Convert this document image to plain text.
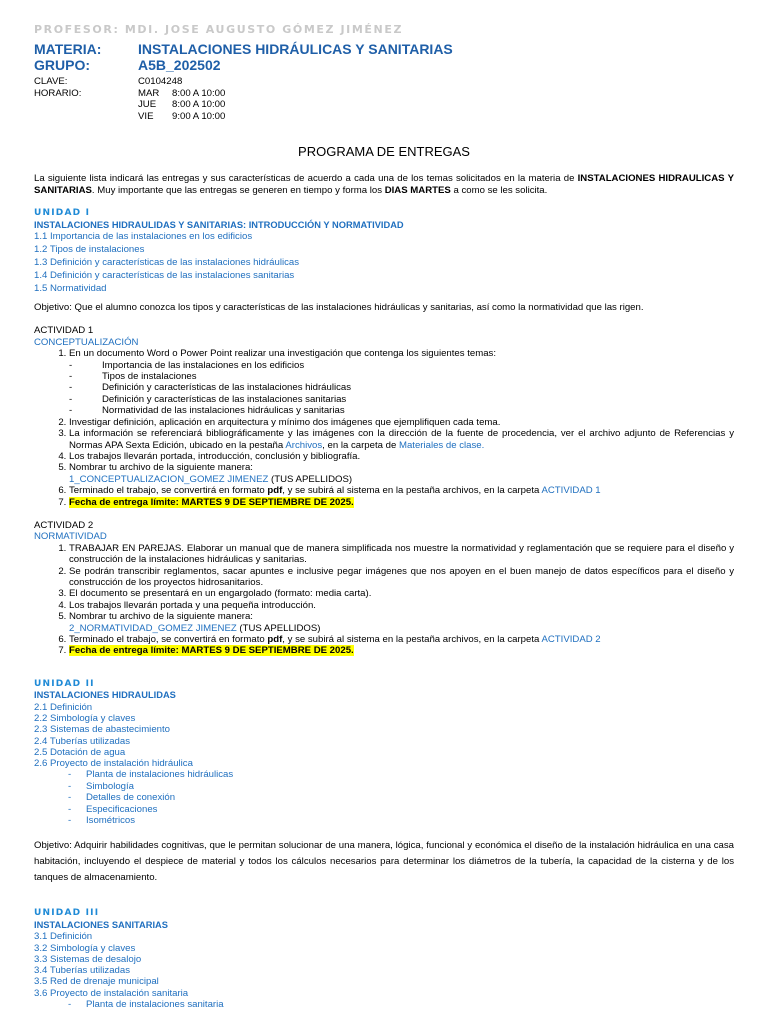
PROFESOR: MDI. JOSE AUGUSTO GÓMEZ JIMÉNEZ
MATERIA:	INSTALACIONES HIDRÁULICAS Y SANITARIAS
GRUPO:	A5B_202502
CLAVE:	C0104248
HORARIO:	MAR	8:00 A 10:00
JUE	8:00 A 10:00
VIE	9:00 A 10:00
PROGRAMA DE ENTREGAS

La siguiente lista indicará las entregas y sus características de acuerdo a cada una de los temas solicitados en la materia de INSTALACIONES HIDRAULICAS Y SANITARIAS. Muy importante que las entregas se generen en tiempo y forma los DIAS MARTES a como se les solicita.

UNIDAD I
INSTALACIONES HIDRAULIDAS Y SANITARIAS: INTRODUCCIÓN Y NORMATIVIDAD
1.1 Importancia de las instalaciones en los edificios
1.2 Tipos de instalaciones
1.3 Definición y características de las instalaciones hidráulicas
1.4 Definición y características de las instalaciones sanitarias
1.5 Normatividad

Objetivo: Que el alumno conozca los tipos y características de las instalaciones hidráulicas y sanitarias, así como la normatividad que las rigen.

ACTIVIDAD 1
CONCEPTUALIZACIÓN
1. En un documento Word o Power Point realizar una investigación que contenga los siguientes temas:
- Importancia de las instalaciones en los edificios
- Tipos de instalaciones
- Definición y características de las instalaciones hidráulicas
- Definición y características de las instalaciones sanitarias
- Normatividad de las instalaciones hidráulicas y sanitarias
2. Investigar definición, aplicación en arquitectura y mínimo dos imágenes que ejemplifiquen cada tema.
3. La información se referenciará bibliográficamente y las imágenes con la dirección de la fuente de procedencia, ver el archivo adjunto de Referencias y Normas APA Sexta Edición, ubicado en la pestaña Archivos, en la carpeta de Materiales de clase.
4. Los trabajos llevarán portada, introducción, conclusión y bibliografía.
5. Nombrar tu archivo de la siguiente manera:
1_CONCEPTUALIZACION_GOMEZ JIMENEZ (TUS APELLIDOS)
6. Terminado el trabajo, se convertirá en formato pdf, y se subirá al sistema en la pestaña archivos, en la carpeta ACTIVIDAD 1
7. Fecha de entrega límite: MARTES 9 DE SEPTIEMBRE DE 2025.
ACTIVIDAD 2
NORMATIVIDAD
1. TRABAJAR EN PAREJAS. Elaborar un manual que de manera simplificada nos muestre la normatividad y reglamentación que se requiere para el diseño y construcción de la instalaciones hidráulicas y sanitarias.
2. Se podrán transcribir reglamentos, sacar apuntes e inclusive pegar imágenes que nos apoyen en el buen manejo de datos específicos para el diseño y construcción de los proyectos hidrosanitarios.
3. El documento se presentará en un engargolado (formato: media carta).
4. Los trabajos llevarán portada y una pequeña introducción.
5. Nombrar tu archivo de la siguiente manera:
2_NORMATIVIDAD_GOMEZ JIMENEZ (TUS APELLIDOS)
6. Terminado el trabajo, se convertirá en formato pdf, y se subirá al sistema en la pestaña archivos, en la carpeta ACTIVIDAD 2
7. Fecha de entrega límite: MARTES 9 DE SEPTIEMBRE DE 2025.
UNIDAD II
INSTALACIONES HIDRAULIDAS
2.1 Definición
2.2 Simbología y claves
2.3 Sistemas de abastecimiento
2.4 Tuberías utilizadas
2.5 Dotación de agua
2.6 Proyecto de instalación hidráulica
- Planta de instalaciones hidráulicas
- Simbología
- Detalles de conexión
- Especificaciones
- Isométricos

Objetivo: Adquirir habilidades cognitivas, que le permitan solucionar de una manera, lógica, funcional y económica el diseño de la instalación hidráulica en una casa habitación, incluyendo el despiece de material y todos los cálculos necesarios para determinar los diámetros de la tubería, la capacidad de la cisterna y de los tanques de almacenamiento.

UNIDAD III
INSTALACIONES SANITARIAS
3.1 Definición
3.2 Simbología y claves
3.3 Sistemas de desalojo
3.4 Tuberías utilizadas
3.5 Red de drenaje municipal
3.6 Proyecto de instalación sanitaria
- Planta de instalaciones sanitaria
